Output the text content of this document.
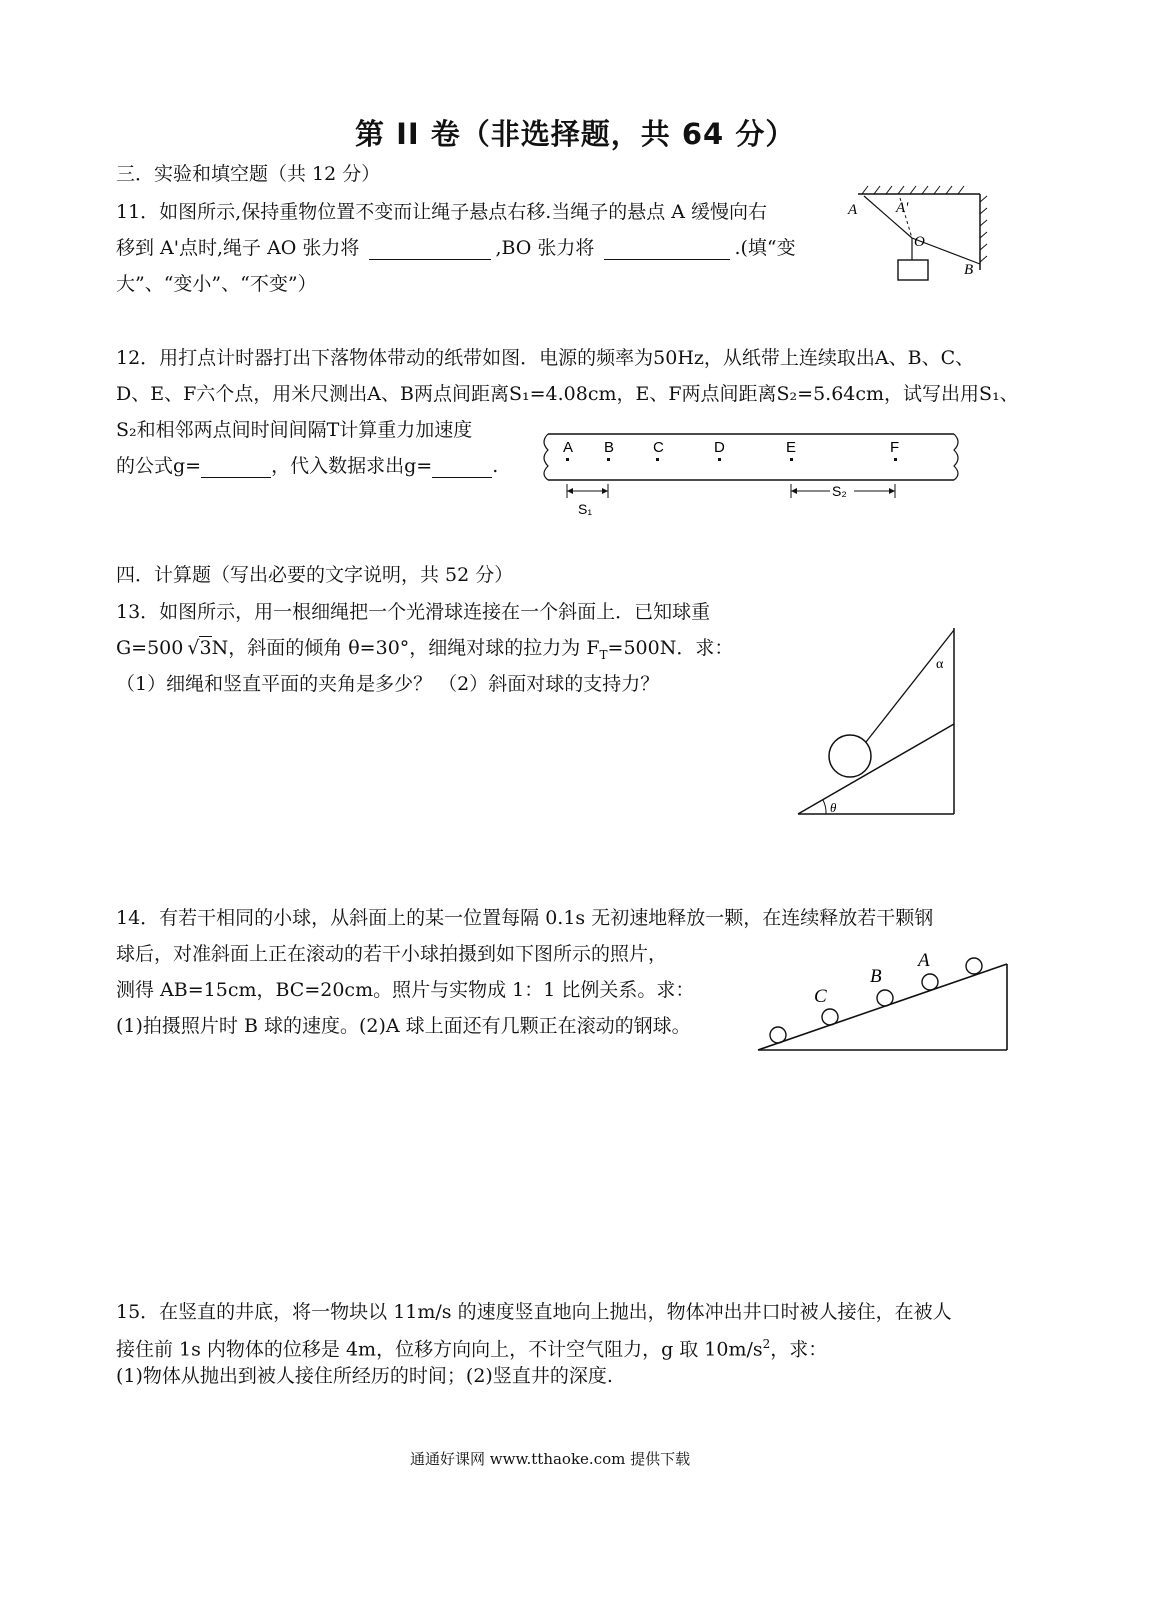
第 II 卷（非选择题，共 64 分）
三．实验和填空题（共 12 分）
11．如图所示,保持重物位置不变而让绳子悬点右移.当绳子的悬点 A 缓慢向右
移到 A'点时,绳子 AO 张力将	,BO 张力将	.(填“变
大”、“变小”、“不变”）
A	A'
O
B
12．用打点计时器打出下落物体带动的纸带如图．电源的频率为50Hz，从纸带上连续取出A、B、C、
D、E、F六个点，用米尺测出A、B两点间距离S₁=4.08cm，E、F两点间距离S₂=5.64cm，试写出用S₁、
S₂和相邻两点间时间间隔T计算重力加速度
的公式g=	，代入数据求出g=	.
A B	C	D	E	F
S₁
S₂
四．计算题（写出必要的文字说明，共 52 分）
13．如图所示，用一根细绳把一个光滑球连接在一个斜面上．已知球重
G=500 √3N，斜面的倾角 θ=30°，细绳对球的拉力为 $F_T=500N$．求：
（1）细绳和竖直平面的夹角是多少？ （2）斜面对球的支持力？
θ
α
14．有若干相同的小球，从斜面上的某一位置每隔 0.1s 无初速地释放一颗，在连续释放若干颗钢
球后，对准斜面上正在滚动的若干小球拍摄到如下图所示的照片，
测得 AB=15cm，BC=20cm。照片与实物成 1：1 比例关系。求：
(1)拍摄照片时 B 球的速度。(2)A 球上面还有几颗正在滚动的钢球。
C
B
A
15．在竖直的井底，将一物块以 11m/s 的速度竖直地向上抛出，物体冲出井口时被人接住，在被人
接住前 1s 内物体的位移是 4m，位移方向向上，不计空气阻力，g 取 $10m/s^2$，求：
(1)物体从抛出到被人接住所经历的时间；(2)竖直井的深度.
通通好课网 www.tthaoke.com 提供下载
